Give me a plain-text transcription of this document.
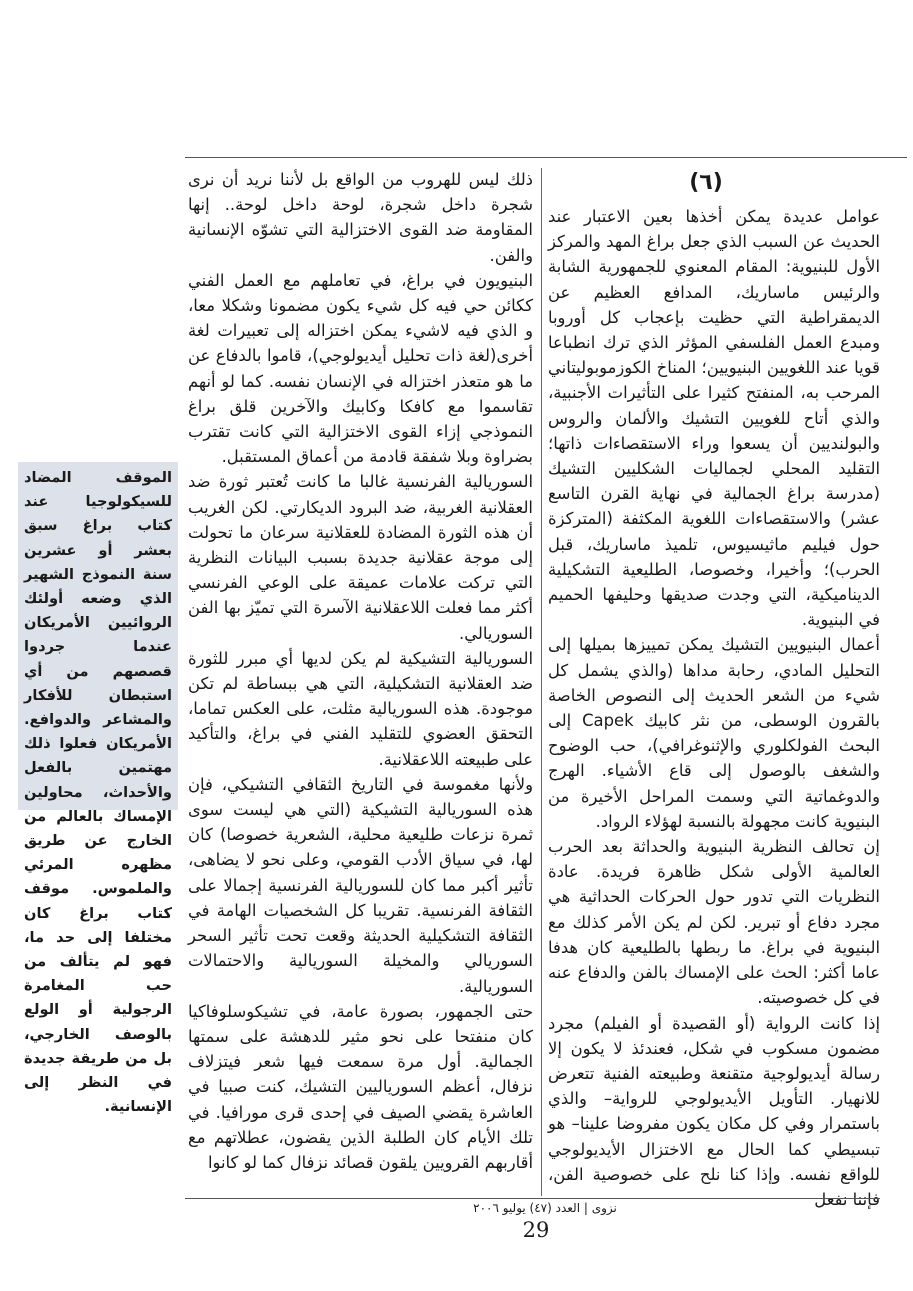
(٦)

عوامل عديدة يمكن أخذها بعين الاعتبار عند الحديث عن السبب الذي جعل براغ المهد والمركز الأول للبنيوية: المقام المعنوي للجمهورية الشابة والرئيس ماساريك، المدافع العظيم عن الديمقراطية التي حظيت بإعجاب كل أوروبا ومبدع العمل الفلسفي المؤثر الذي ترك انطباعا قويا عند اللغويين البنيويين؛ المناخ الكوزموبوليتاني المرحب به، المنفتح كثيرا على التأثيرات الأجنبية، والذي أتاح للغويين التشيك والألمان والروس والبولنديين أن يسعوا وراء الاستقصاءات ذاتها؛ التقليد المحلي لجماليات الشكليين التشيك (مدرسة براغ الجمالية في نهاية القرن التاسع عشر) والاستقصاءات اللغوية المكثفة (المتركزة حول فيليم ماثيسيوس، تلميذ ماساريك، قبل الحرب)؛ وأخيرا، وخصوصا، الطليعية التشكيلية الديناميكية، التي وجدت صديقها وحليفها الحميم في البنيوية.

أعمال البنيويين التشيك يمكن تمييزها بميلها إلى التحليل المادي، رحابة مداها (والذي يشمل كل شيء من الشعر الحديث إلى النصوص الخاصة بالقرون الوسطى، من نثر كابيك Capek إلى البحث الفولكلوري والإثنوغرافي)، حب الوضوح والشغف بالوصول إلى قاع الأشياء. الهرج والدوغماتية التي وسمت المراحل الأخيرة من البنيوية كانت مجهولة بالنسبة لهؤلاء الرواد.

إن تحالف النظرية البنيوية والحداثة بعد الحرب العالمية الأولى شكل ظاهرة فريدة. عادة النظريات التي تدور حول الحركات الحداثية هي مجرد دفاع أو تبرير. لكن لم يكن الأمر كذلك مع البنيوية في براغ. ما ربطها بالطليعية كان هدفا عاما أكثر: الحث على الإمساك بالفن والدفاع عنه في كل خصوصيته.

إذا كانت الرواية (أو القصيدة أو الفيلم) مجرد مضمون مسكوب في شكل، فعندئذ لا يكون إلا رسالة أيديولوجية متقنعة وطبيعته الفنية تتعرض للانهيار. التأويل الأيديولوجي للرواية– والذي باستمرار وفي كل مكان يكون مفروضا علينا– هو تبسيطي كما الحال مع الاختزال الأيديولوجي للواقع نفسه. وإذا كنا نلح على خصوصية الفن، فإننا نفعل

ذلك ليس للهروب من الواقع بل لأننا نريد أن نرى شجرة داخل شجرة، لوحة داخل لوحة.. إنها المقاومة ضد القوى الاختزالية التي تشوّه الإنسانية والفن.

البنيويون في براغ، في تعاملهم مع العمل الفني ككائن حي فيه كل شيء يكون مضمونا وشكلا معا، و الذي فيه لاشيء يمكن اختزاله إلى تعبيرات لغة أخرى(لغة ذات تحليل أيديولوجي)، قاموا بالدفاع عن ما هو متعذر اختزاله في الإنسان نفسه. كما لو أنهم تقاسموا مع كافكا وكابيك والآخرين قلق براغ النموذجي إزاء القوى الاختزالية التي كانت تقترب بضراوة وبلا شفقة قادمة من أعماق المستقبل.

السوريالية الفرنسية غالبا ما كانت تُعتبر ثورة ضد العقلانية الغربية، ضد البرود الديكارتي. لكن الغريب أن هذه الثورة المضادة للعقلانية سرعان ما تحولت إلى موجة عقلانية جديدة بسبب البيانات النظرية التي تركت علامات عميقة على الوعي الفرنسي أكثر مما فعلت اللاعقلانية الآسرة التي تميّز بها الفن السوريالي.

السوريالية التشيكية لم يكن لديها أي مبرر للثورة ضد العقلانية التشكيلية، التي هي ببساطة لم تكن موجودة. هذه السوريالية مثلت، على العكس تماما، التحقق العضوي للتقليد الفني في براغ، والتأكيد على طبيعته اللاعقلانية.

ولأنها مغموسة في التاريخ الثقافي التشيكي، فإن هذه السوريالية التشيكية (التي هي ليست سوى ثمرة نزعات طليعية محلية، الشعرية خصوصا) كان لها، في سياق الأدب القومي، وعلى نحو لا يضاهى، تأثير أكبر مما كان للسوريالية الفرنسية إجمالا على الثقافة الفرنسية. تقريبا كل الشخصيات الهامة في الثقافة التشكيلية الحديثة وقعت تحت تأثير السحر السوريالي والمخيلة السوريالية والاحتمالات السوريالية.

حتى الجمهور، بصورة عامة، في تشيكوسلوفاكيا كان منفتحا على نحو مثير للدهشة على سمتها الجمالية. أول مرة سمعت فيها شعر فيتزلاف نزفال، أعظم السورياليين التشيك، كنت صبيا في العاشرة يقضي الصيف في إحدى قرى مورافيا. في تلك الأيام كان الطلبة الذين يقضون، عطلاتهم مع أقاربهم القرويين يلقون قصائد نزفال كما لو كانوا

الموقف المضاد للسيكولوجيا عند كتاب براغ سبق بعشر أو عشرين سنة النموذج الشهير الذي وضعه أولئك الروائيين الأمريكان عندما جردوا قصصهم من أي استبطان للأفكار والمشاعر والدوافع. الأمريكان فعلوا ذلك مهتمين بالفعل والأحداث، محاولين الإمساك بالعالم من الخارج عن طريق مظهره المرئي والملموس. موقف كتاب براغ كان مختلفا إلى حد ما، فهو لم يتألف من حب المغامرة الرجولية أو الولع بالوصف الخارجي، بل من طريقة جديدة في النظر إلى الإنسانية.

نزوى | العدد (٤٧) يوليو ٢٠٠٦
29
